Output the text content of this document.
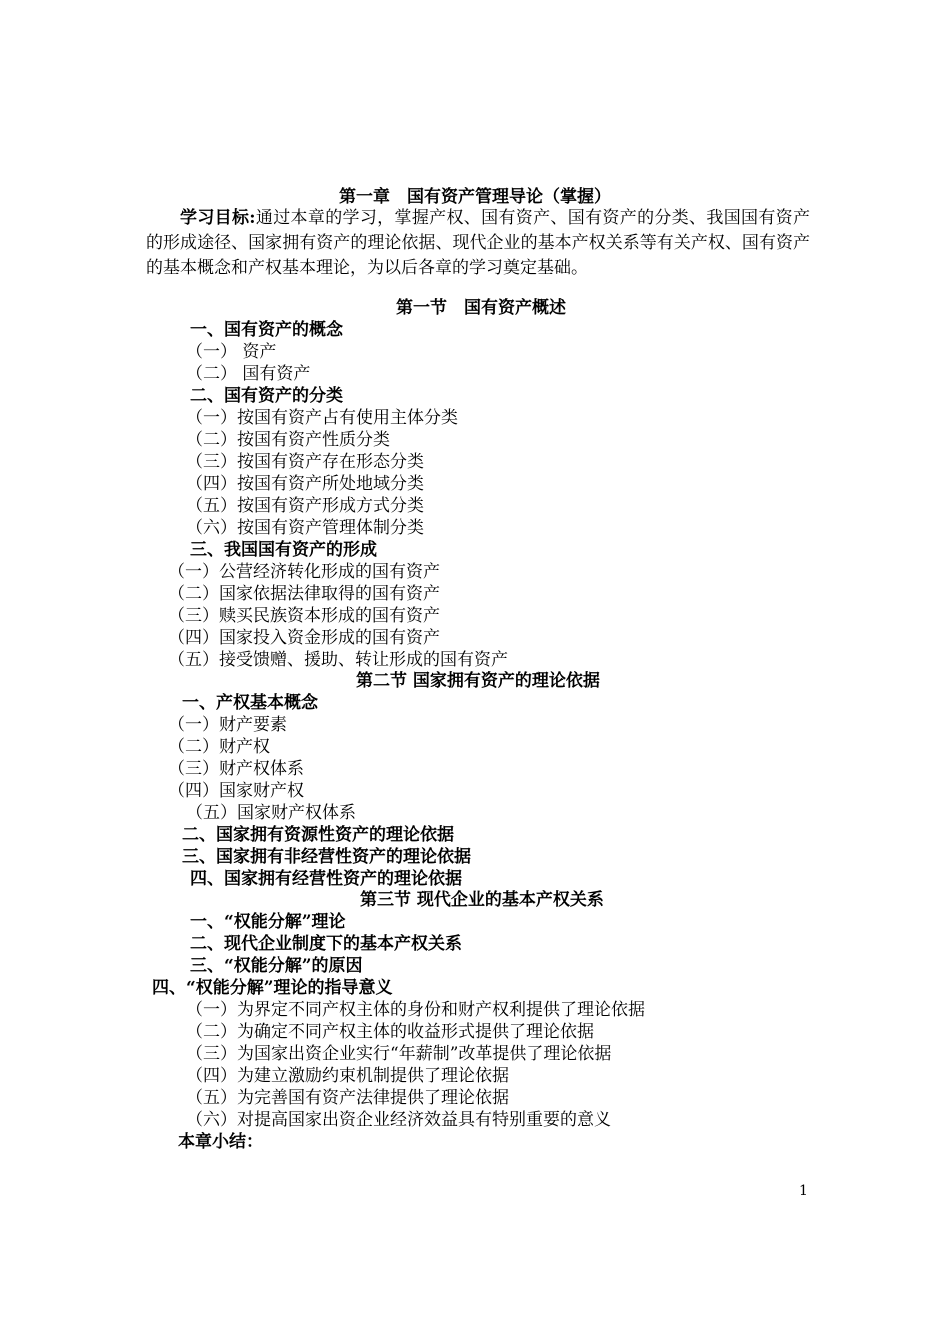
第一章　国有资产管理导论（掌握）
学习目标:通过本章的学习，掌握产权、国有资产、国有资产的分类、我国国有资产的形成途径、国家拥有资产的理论依据、现代企业的基本产权关系等有关产权、国有资产的基本概念和产权基本理论，为以后各章的学习奠定基础。
第一节　国有资产概述
一、国有资产的概念
（一） 资产
（二） 国有资产
二、国有资产的分类
（一）按国有资产占有使用主体分类
（二）按国有资产性质分类
（三）按国有资产存在形态分类
（四）按国有资产所处地域分类
（五）按国有资产形成方式分类
（六）按国有资产管理体制分类
三、我国国有资产的形成
（一）公营经济转化形成的国有资产
（二）国家依据法律取得的国有资产
（三）赎买民族资本形成的国有资产
（四）国家投入资金形成的国有资产
（五）接受馈赠、援助、转让形成的国有资产
第二节 国家拥有资产的理论依据
一、产权基本概念
（一）财产要素
（二）财产权
（三）财产权体系
（四）国家财产权
（五）国家财产权体系
二、国家拥有资源性资产的理论依据
三、国家拥有非经营性资产的理论依据
四、国家拥有经营性资产的理论依据
第三节 现代企业的基本产权关系
一、“权能分解”理论
二、现代企业制度下的基本产权关系
三、“权能分解”的原因
四、“权能分解”理论的指导意义
（一）为界定不同产权主体的身份和财产权利提供了理论依据
（二）为确定不同产权主体的收益形式提供了理论依据
（三）为国家出资企业实行“年薪制”改革提供了理论依据
（四）为建立激励约束机制提供了理论依据
（五）为完善国有资产法律提供了理论依据
（六）对提高国家出资企业经济效益具有特别重要的意义
本章小结：
1
